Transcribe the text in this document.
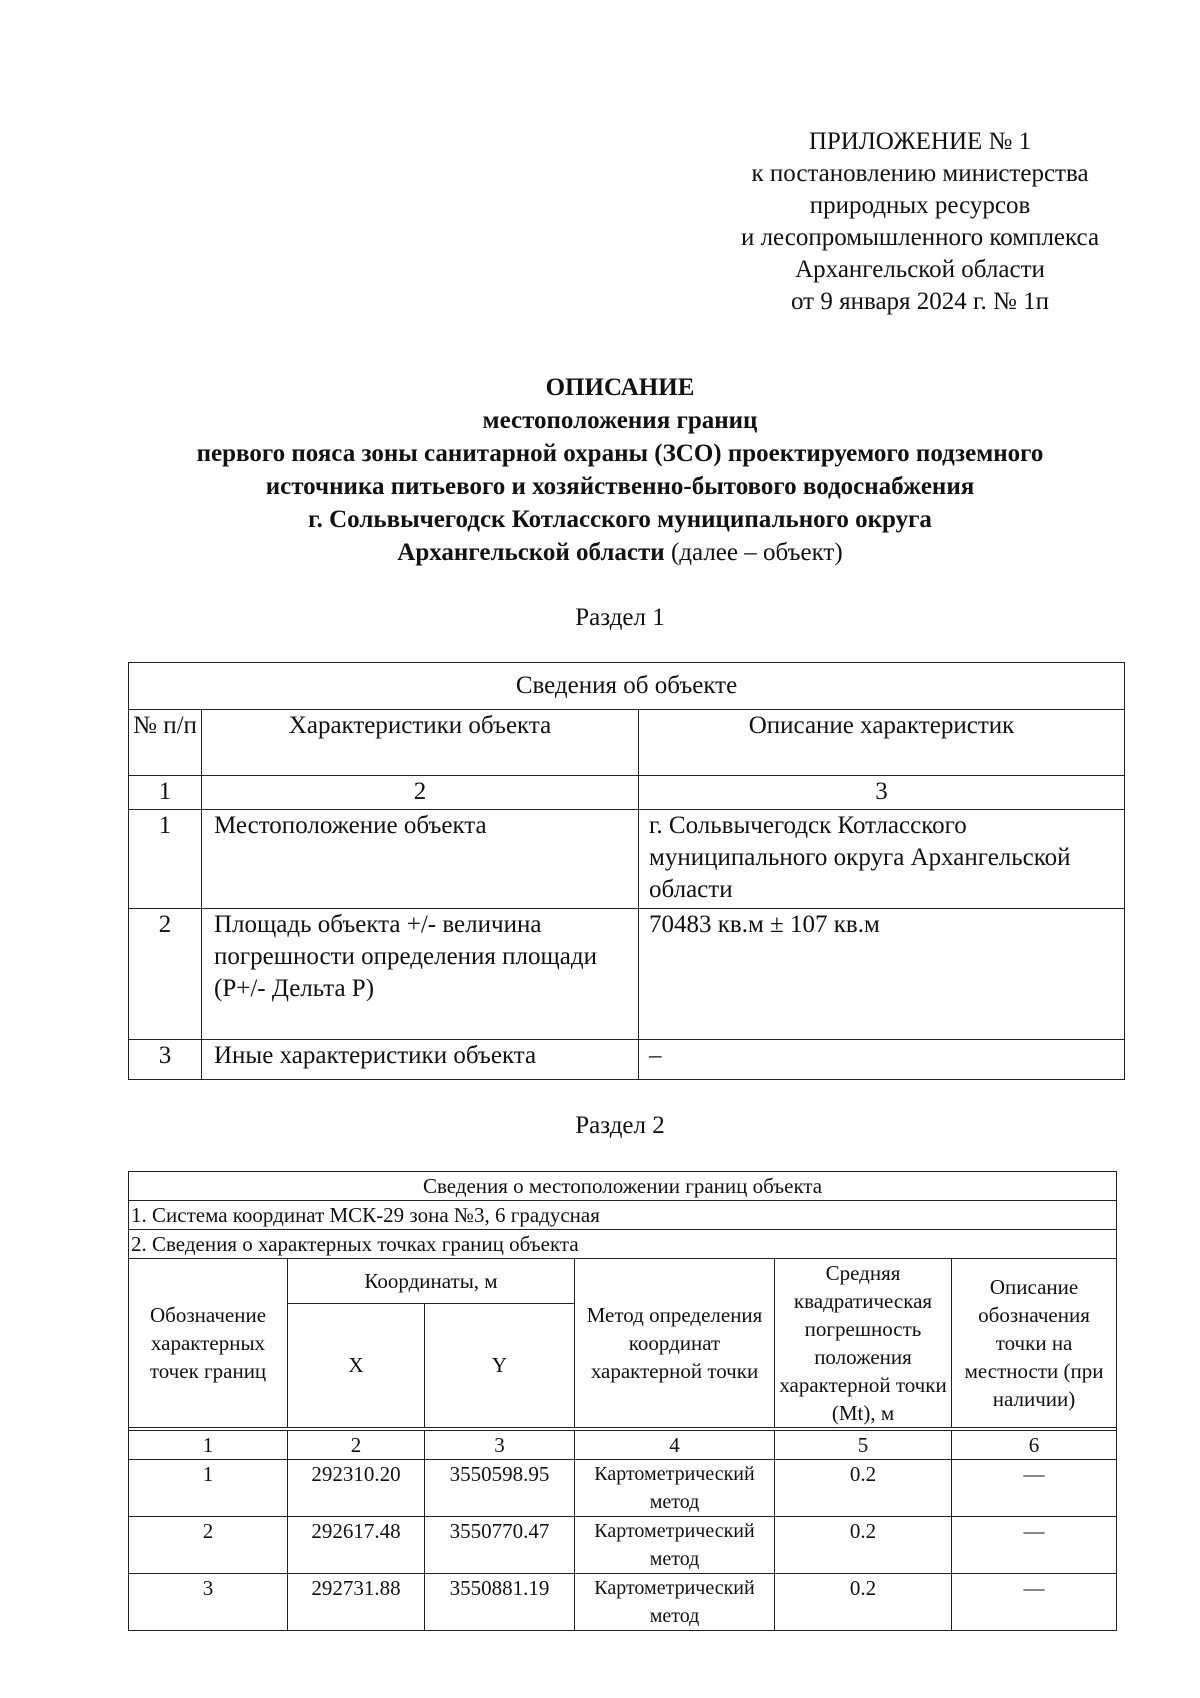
ПРИЛОЖЕНИЕ № 1
к постановлению министерства
природных ресурсов
и лесопромышленного комплекса
Архангельской области
от 9 января 2024 г. № 1п
ОПИСАНИЕ
местоположения границ
первого пояса зоны санитарной охраны (ЗСО) проектируемого подземного
источника питьевого и хозяйственно-бытового водоснабжения
г. Сольвычегодск Котласского муниципального округа
Архангельской области (далее – объект)
Раздел 1
Сведения об объекте		
№ п/п	Характеристики объекта	Описание характеристик
1	2	3
1	Местоположение объекта	г. Сольвычегодск Котласского муниципального округа Архангельской области
2	Площадь объекта +/- величина погрешности определения площади (Р+/- Дельта Р)	70483 кв.м ± 107 кв.м
3	Иные характеристики объекта	–
Раздел 2
Сведения о местоположении границ объекта					
1. Система координат МСК-29 зона №3, 6 градусная					
2. Сведения о характерных точках границ объекта					
Обозначение характерных точек границ	Координаты, м		Метод определения координат характерной точки	Средняя квадратическая погрешность положения характерной точки (Mt), м	Описание обозначения точки на местности (при наличии)
	X	Y			

1	2	3	4	5	6
1	292310.20	3550598.95	Картометрический метод	0.2	—
2	292617.48	3550770.47	Картометрический метод	0.2	—
3	292731.88	3550881.19	Картометрический метод	0.2	—
